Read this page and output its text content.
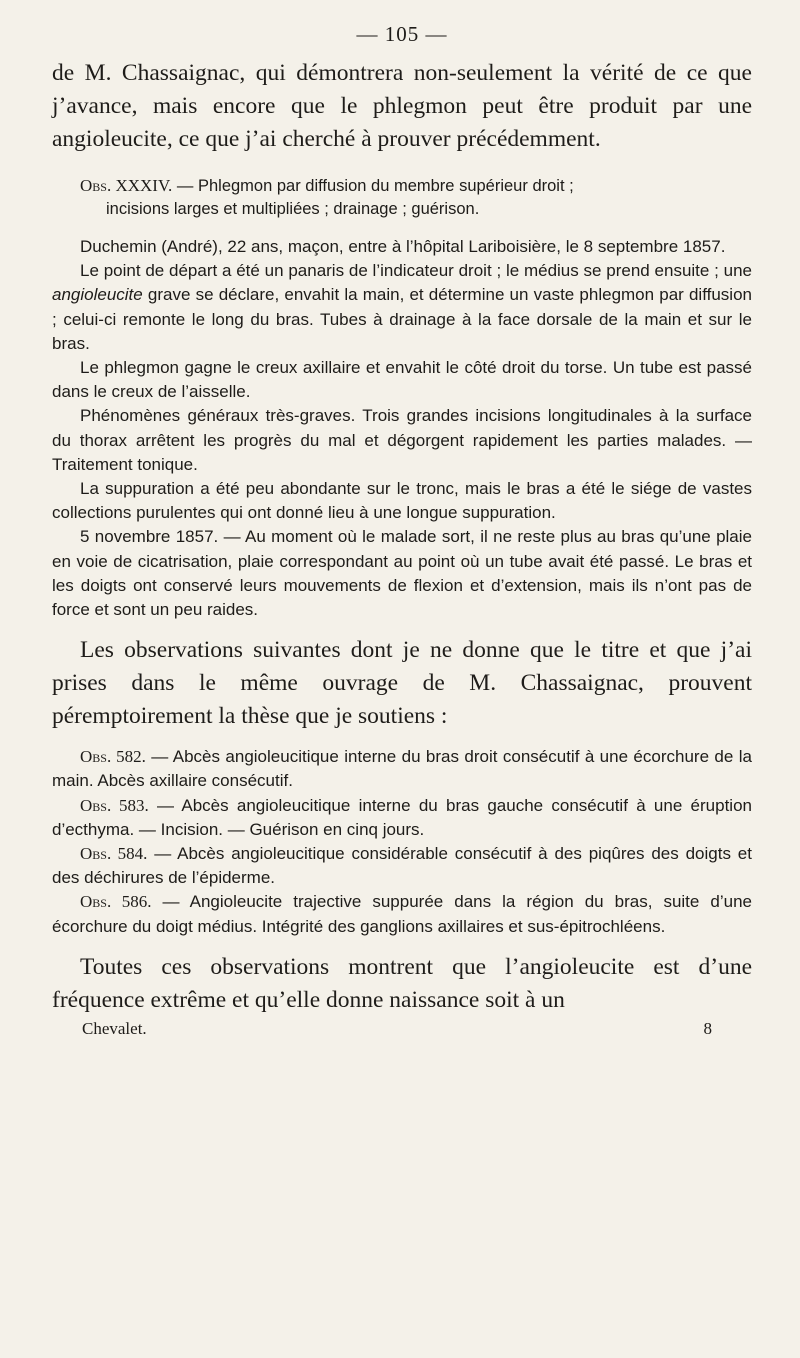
— 105 —

de M. Chassaignac, qui démontrera non-seulement la vérité de ce que j’avance, mais encore que le phlegmon peut être produit par une angioleucite, ce que j’ai cherché à prouver précédemment.

Obs. XXXIV. — Phlegmon par diffusion du membre supérieur droit ;
incisions larges et multipliées ; drainage ; guérison.

Duchemin (André), 22 ans, maçon, entre à l’hôpital Lariboisière, le 8 septembre 1857.

Le point de départ a été un panaris de l’indicateur droit ; le médius se prend ensuite ; une angioleucite grave se déclare, envahit la main, et détermine un vaste phlegmon par diffusion ; celui-ci remonte le long du bras. Tubes à drainage à la face dorsale de la main et sur le bras.

Le phlegmon gagne le creux axillaire et envahit le côté droit du torse. Un tube est passé dans le creux de l’aisselle.

Phénomènes généraux très-graves. Trois grandes incisions longitudinales à la surface du thorax arrêtent les progrès du mal et dégorgent rapidement les parties malades. — Traitement tonique.

La suppuration a été peu abondante sur le tronc, mais le bras a été le siége de vastes collections purulentes qui ont donné lieu à une longue suppuration.

5 novembre 1857. — Au moment où le malade sort, il ne reste plus au bras qu’une plaie en voie de cicatrisation, plaie correspondant au point où un tube avait été passé. Le bras et les doigts ont conservé leurs mouvements de flexion et d’extension, mais ils n’ont pas de force et sont un peu raides.

Les observations suivantes dont je ne donne que le titre et que j’ai prises dans le même ouvrage de M. Chassaignac, prouvent péremptoirement la thèse que je soutiens :

Obs. 582. — Abcès angioleucitique interne du bras droit consécutif à une écorchure de la main. Abcès axillaire consécutif.

Obs. 583. — Abcès angioleucitique interne du bras gauche consécutif à une éruption d’ecthyma. — Incision. — Guérison en cinq jours.

Obs. 584. — Abcès angioleucitique considérable consécutif à des piqûres des doigts et des déchirures de l’épiderme.

Obs. 586. — Angioleucite trajective suppurée dans la région du bras, suite d’une écorchure du doigt médius. Intégrité des ganglions axillaires et sus-épitrochléens.

Toutes ces observations montrent que l’angioleucite est d’une fréquence extrême et qu’elle donne naissance soit à un

Chevalet.	8
